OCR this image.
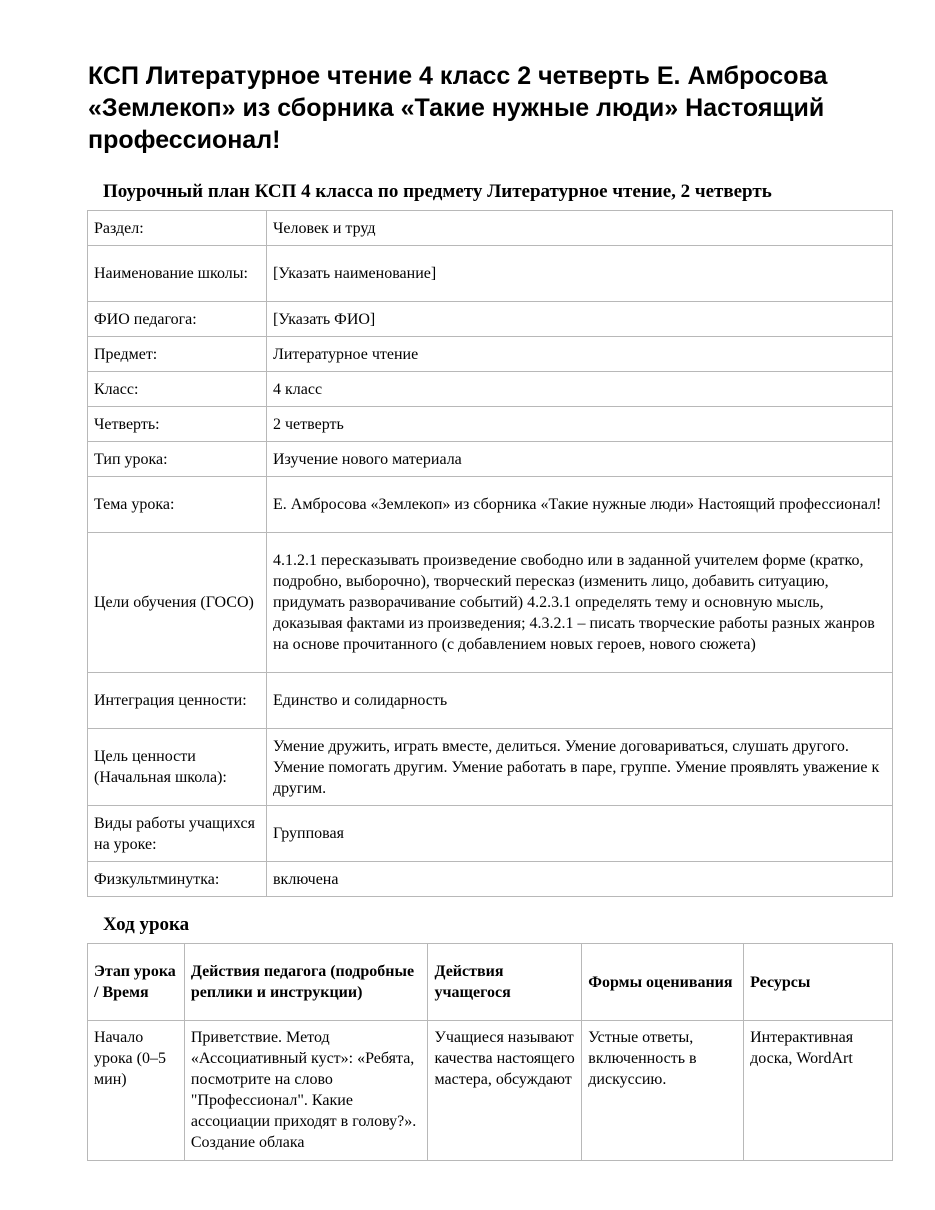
КСП Литературное чтение 4 класс 2 четверть Е. Амбросова «Землекоп» из сборника «Такие нужные люди» Настоящий профессионал!
Поурочный план КСП 4 класса по предмету Литературное чтение, 2 четверть
Раздел:	Человек и труд
Наименование школы:	[Указать наименование]
ФИО педагога:	[Указать ФИО]
Предмет:	Литературное чтение
Класс:	4 класс
Четверть:	2 четверть
Тип урока:	Изучение нового материала
Тема урока:	Е. Амбросова «Землекоп» из сборника «Такие нужные люди» Настоящий профессионал!
Цели обучения (ГОСО)	4.1.2.1 пересказывать произведение свободно или в заданной учителем форме (кратко, подробно, выборочно), творческий пересказ (изменить лицо, добавить ситуацию, придумать разворачивание событий) 4.2.3.1 определять тему и основную мысль, доказывая фактами из произведения; 4.3.2.1 – писать творческие работы разных жанров на основе прочитанного (с добавлением новых героев, нового сюжета)
Интеграция ценности:	Единство и солидарность
Цель ценности (Начальная школа):	Умение дружить, играть вместе, делиться. Умение договариваться, слушать другого. Умение помогать другим. Умение работать в паре, группе. Умение проявлять уважение к другим.
Виды работы учащихся на уроке:	Групповая
Физкультминутка:	включена
Ход урока
Этап урока / Время	Действия педагога (подробные реплики и инструкции)	Действия учащегося	Формы оценивания	Ресурсы
Начало урока (0–5 мин)	Приветствие. Метод «Ассоциативный куст»: «Ребята, посмотрите на слово "Профессионал". Какие ассоциации приходят в голову?». Создание облака	Учащиеся называют качества настоящего мастера, обсуждают	Устные ответы, включенность в дискуссию.	Интерактивная доска, WordArt
